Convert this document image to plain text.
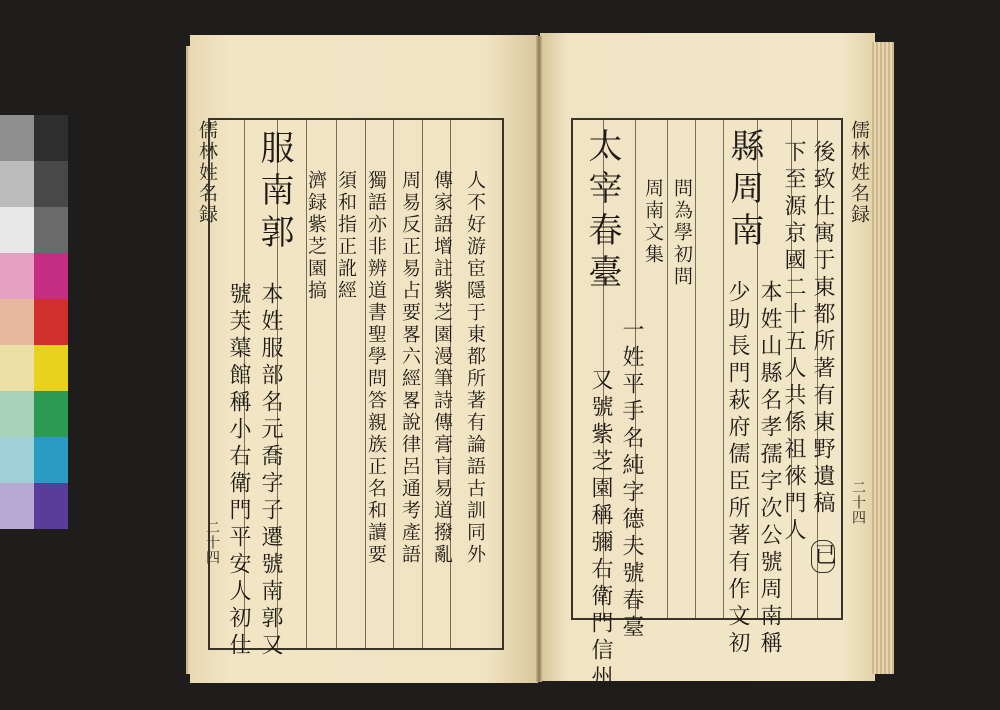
儒林姓名録
二十四
服南郭
本姓服部名元喬字子遷號南郭又
號芙蕖館稱小右衛門平安人初仕
濟録紫芝園搞 須和指正訛經 獨語亦非辨道書聖學問答親族正名和讀要 周易反正易占要畧六經畧說律呂通考產語 傳家語增註紫芝園漫筆詩傳膏肓易道撥亂 人不好游宦隱于東都所著有論語古訓同外	儒林姓名録
二十四
後致仕寓于東都所著有東野遺稿
已
下至源京國二十五人共係祖徠門人
縣周南
本姓山縣名孝孺字次公號周南稱
少助長門萩府儒臣所著有作文初
問為學初問
周南文集
太宰春臺
一姓平手名純字德夫號春臺
又號紫芝園稱彌右衛門信州
